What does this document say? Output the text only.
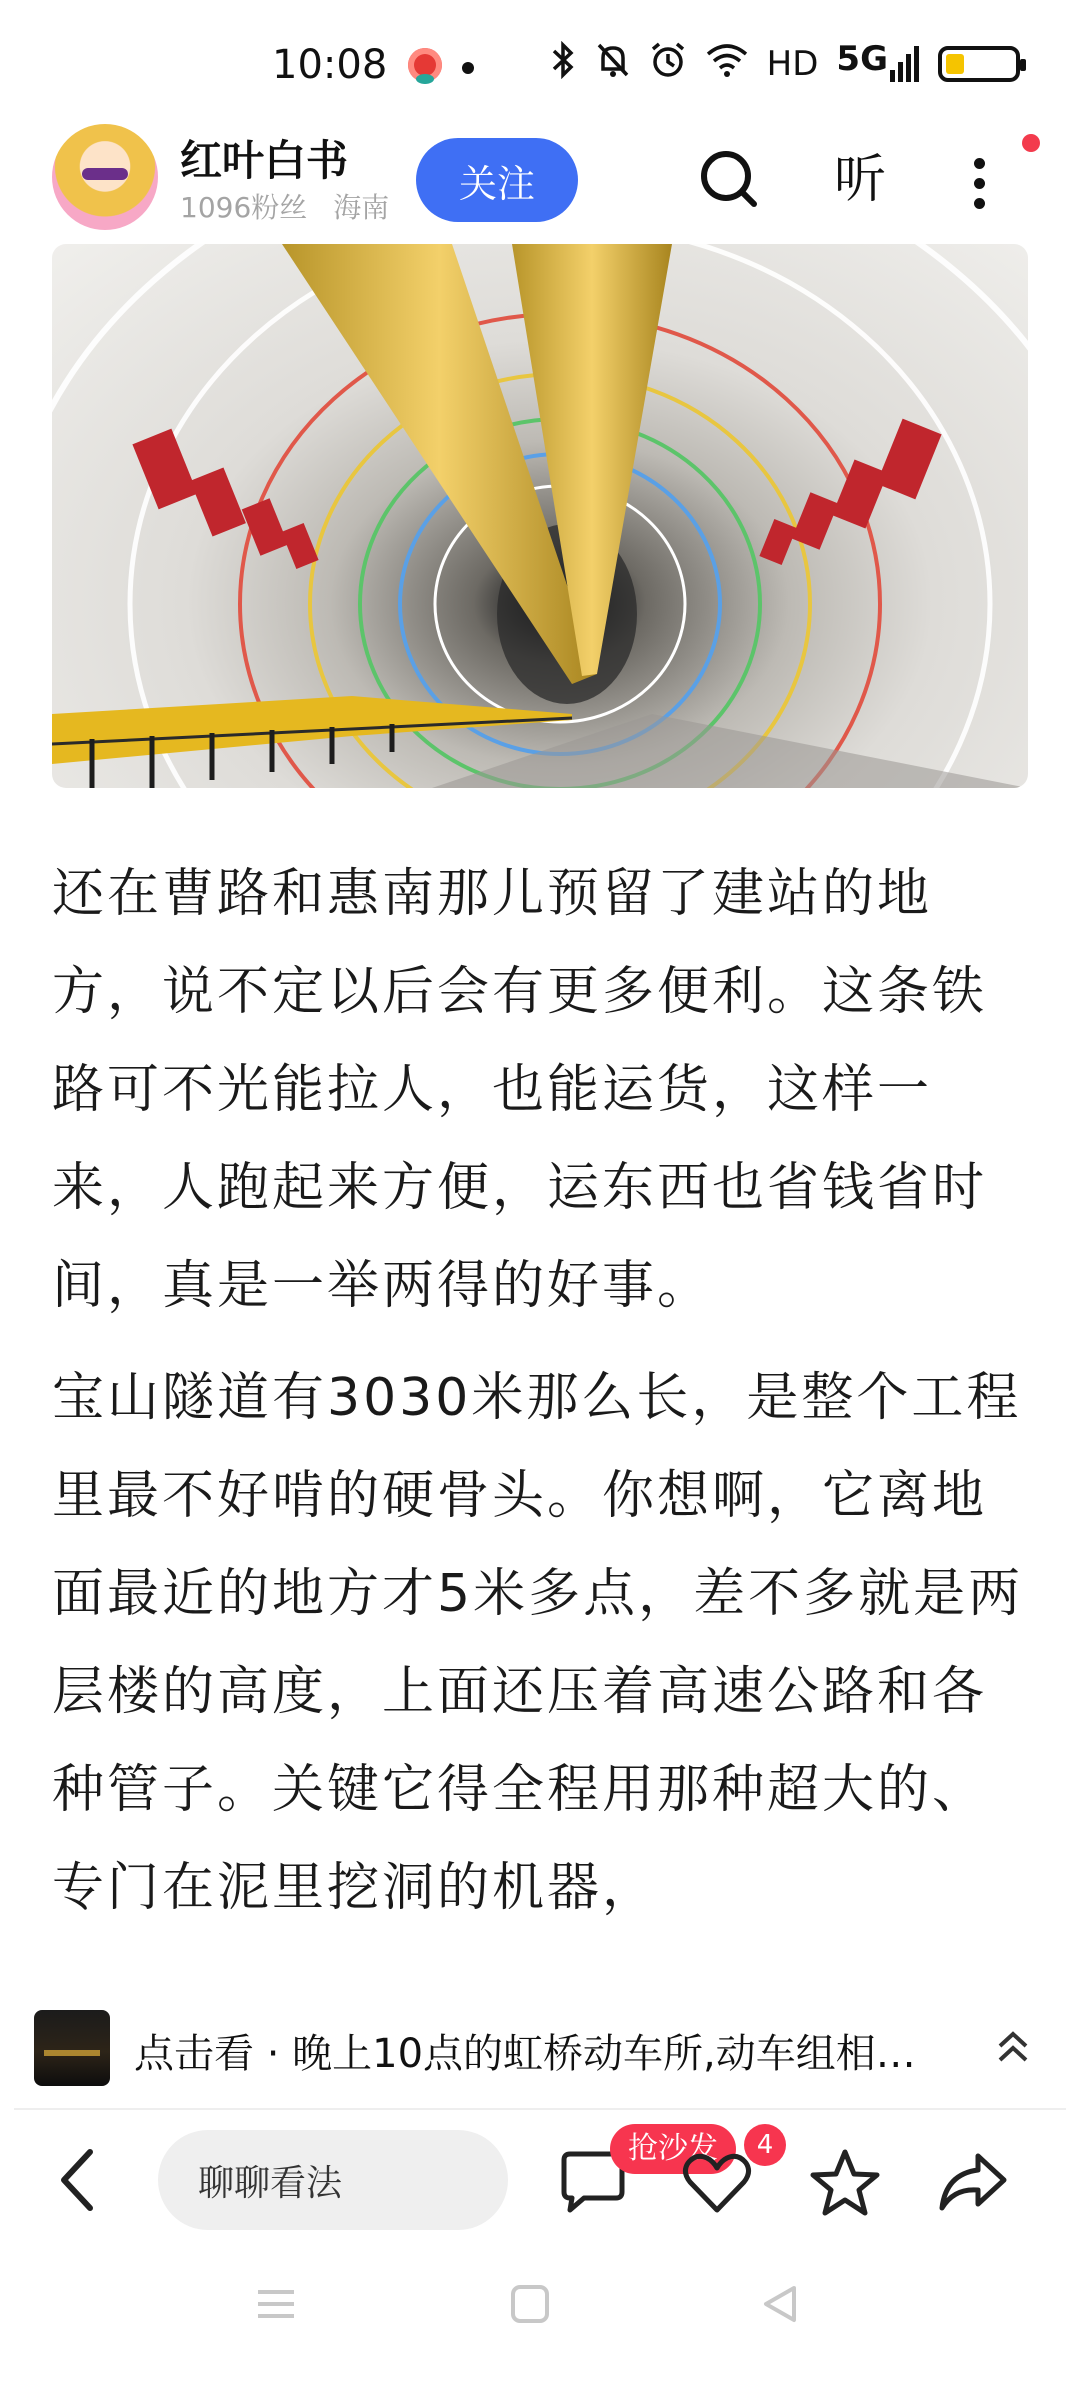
10:08	HD 5G
红叶白书
1096粉丝 海南
关注	听

还在曹路和惠南那儿预留了建站的地方，说不定以后会有更多便利。这条铁路可不光能拉人，也能运货，这样一来，人跑起来方便，运东西也省钱省时间，真是一举两得的好事。

宝山隧道有3030米那么长，是整个工程里最不好啃的硬骨头。你想啊，它离地面最近的地方才5米多点，差不多就是两层楼的高度，上面还压着高速公路和各种管子。关键它得全程用那种超大的、专门在泥里挖洞的机器，

点击看 · 晚上10点的虹桥动车所,动车组相…
聊聊看法
抢沙发	4
